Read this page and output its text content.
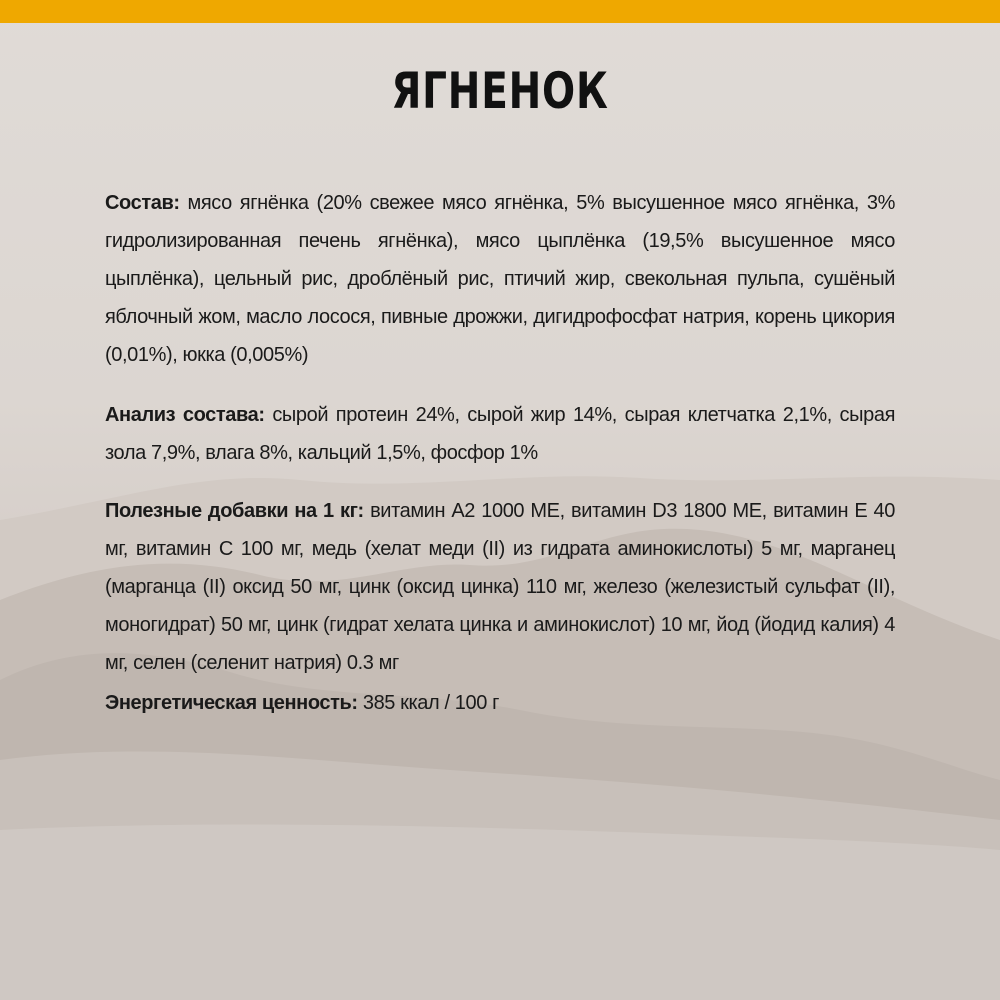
ЯГНЕНОК

Состав: мясо ягнёнка (20% свежее мясо ягнёнка, 5% высушенное мясо ягнёнка, 3% гидролизированная печень ягнёнка), мясо цыплёнка (19,5% высушенное мясо цыплёнка), цельный рис, дроблёный рис, птичий жир, свекольная пульпа, сушёный яблочный жом, масло лосося, пивные дрожжи, дигидрофосфат натрия, корень цикория (0,01%), юкка (0,005%)

Анализ состава: сырой протеин 24%, сырой жир 14%, сырая клетчатка 2,1%, сырая зола 7,9%, влага 8%, кальций 1,5%, фосфор 1%

Полезные добавки на 1 кг: витамин А2 1000 МЕ, витамин D3 1800 МЕ, витамин Е 40 мг, витамин С 100 мг, медь (хелат меди (II) из гидрата аминокислоты) 5 мг, марганец (марганца (II) оксид 50 мг, цинк (оксид цинка) 110 мг, железо (железистый сульфат (II), моногидрат) 50 мг, цинк (гидрат хелата цинка и аминокислот) 10 мг, йод (йодид калия) 4 мг, селен (селенит натрия) 0.3 мг

Энергетическая ценность: 385 ккал / 100 г
